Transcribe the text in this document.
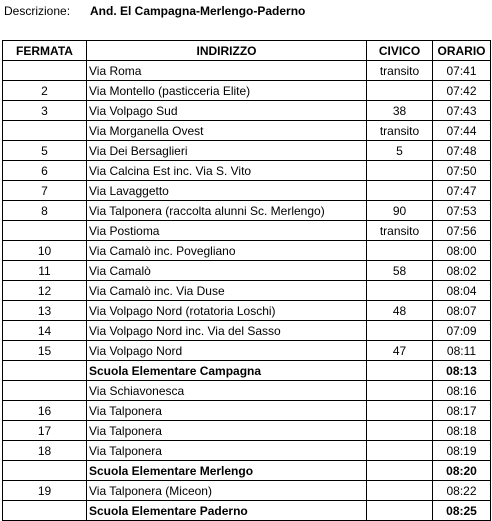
Descrizione: And. El Campagna-Merlengo-Paderno
FERMATA	INDIRIZZO	CIVICO	ORARIO
	Via Roma	transito	07:41
2	Via Montello (pasticceria Elite)		07:42
3	Via Volpago Sud	38	07:43
	Via Morganella Ovest	transito	07:44
5	Via Dei Bersaglieri	5	07:48
6	Via Calcina Est inc. Via S. Vito		07:50
7	Via Lavaggetto		07:47
8	Via Talponera (raccolta alunni Sc. Merlengo)	90	07:53
	Via Postioma	transito	07:56
10	Via Camalò inc. Povegliano		08:00
11	Via Camalò	58	08:02
12	Via Camalò inc. Via Duse		08:04
13	Via Volpago Nord (rotatoria Loschi)	48	08:07
14	Via Volpago Nord inc. Via del Sasso		07:09
15	Via Volpago Nord	47	08:11
	Scuola Elementare Campagna		08:13
	Via Schiavonesca		08:16
16	Via Talponera		08:17
17	Via Talponera		08:18
18	Via Talponera		08:19
	Scuola Elementare Merlengo		08:20
19	Via Talponera (Miceon)		08:22
	Scuola Elementare Paderno		08:25
